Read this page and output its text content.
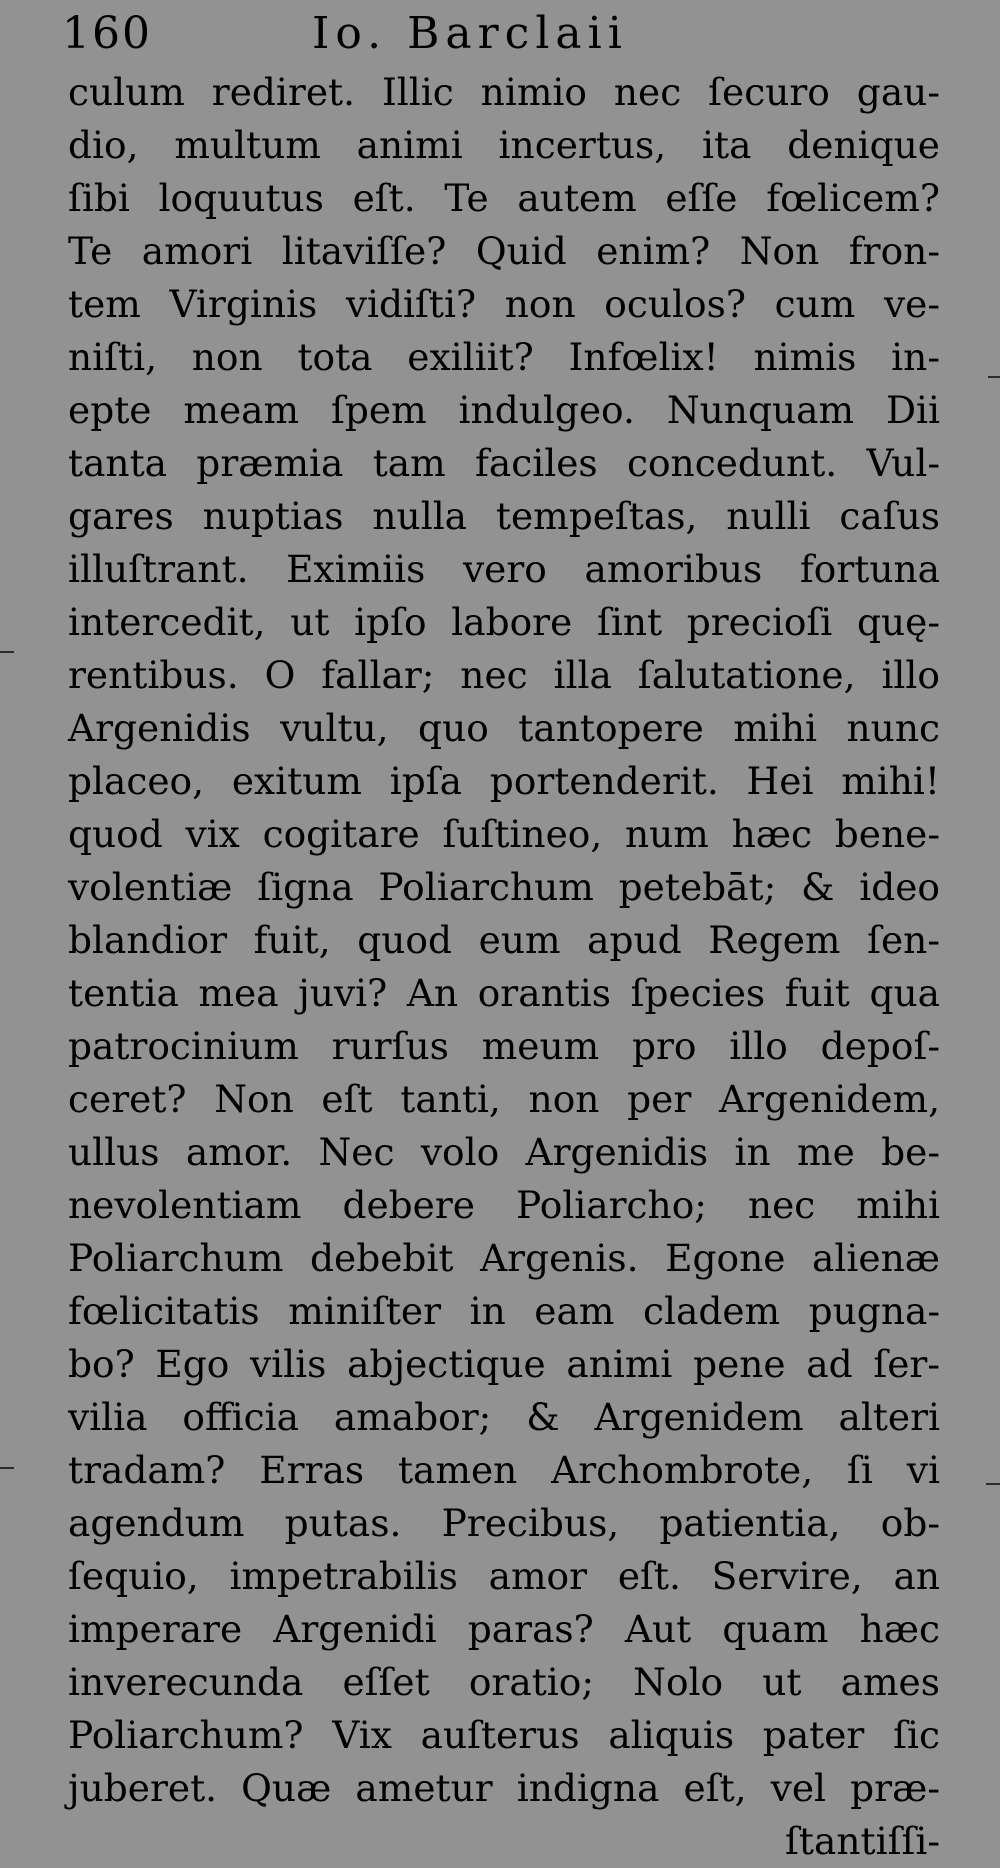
160	Io. Barclaii
culum rediret. Illic nimio nec ſecuro gau-
dio, multum animi incertus, ita denique
ſibi loquutus eſt. Te autem eſſe fœlicem?
Te amori litaviſſe? Quid enim? Non fron-
tem Virginis vidiſti? non oculos? cum ve-
niſti, non tota exiliit? Infœlix! nimis in-
epte meam ſpem indulgeo. Nunquam Dii
tanta præmia tam faciles concedunt. Vul-
gares nuptias nulla tempeſtas, nulli caſus
illuſtrant. Eximiis vero amoribus fortuna
intercedit, ut ipſo labore ſint precioſi quę-
rentibus. O fallar; nec illa ſalutatione, illo
Argenidis vultu, quo tantopere mihi nunc
placeo, exitum ipſa portenderit. Hei mihi!
quod vix cogitare ſuſtineo, num hæc bene-
volentiæ ſigna Poliarchum petebāt; & ideo
blandior fuit, quod eum apud Regem ſen-
tentia mea juvi? An orantis ſpecies fuit qua
patrocinium rurſus meum pro illo depoſ-
ceret? Non eſt tanti, non per Argenidem,
ullus amor. Nec volo Argenidis in me be-
nevolentiam debere Poliarcho; nec mihi
Poliarchum debebit Argenis. Egone alienæ
fœlicitatis miniſter in eam cladem pugna-
bo? Ego vilis abjectique animi pene ad ſer-
vilia officia amabor; & Argenidem alteri
tradam? Erras tamen Archombrote, ſi vi
agendum putas. Precibus, patientia, ob-
ſequio, impetrabilis amor eſt. Servire, an
imperare Argenidi paras? Aut quam hæc
inverecunda eſſet oratio; Nolo ut ames
Poliarchum? Vix auſterus aliquis pater ſic
juberet. Quæ ametur indigna eſt, vel præ-
ſtantiſſi-
